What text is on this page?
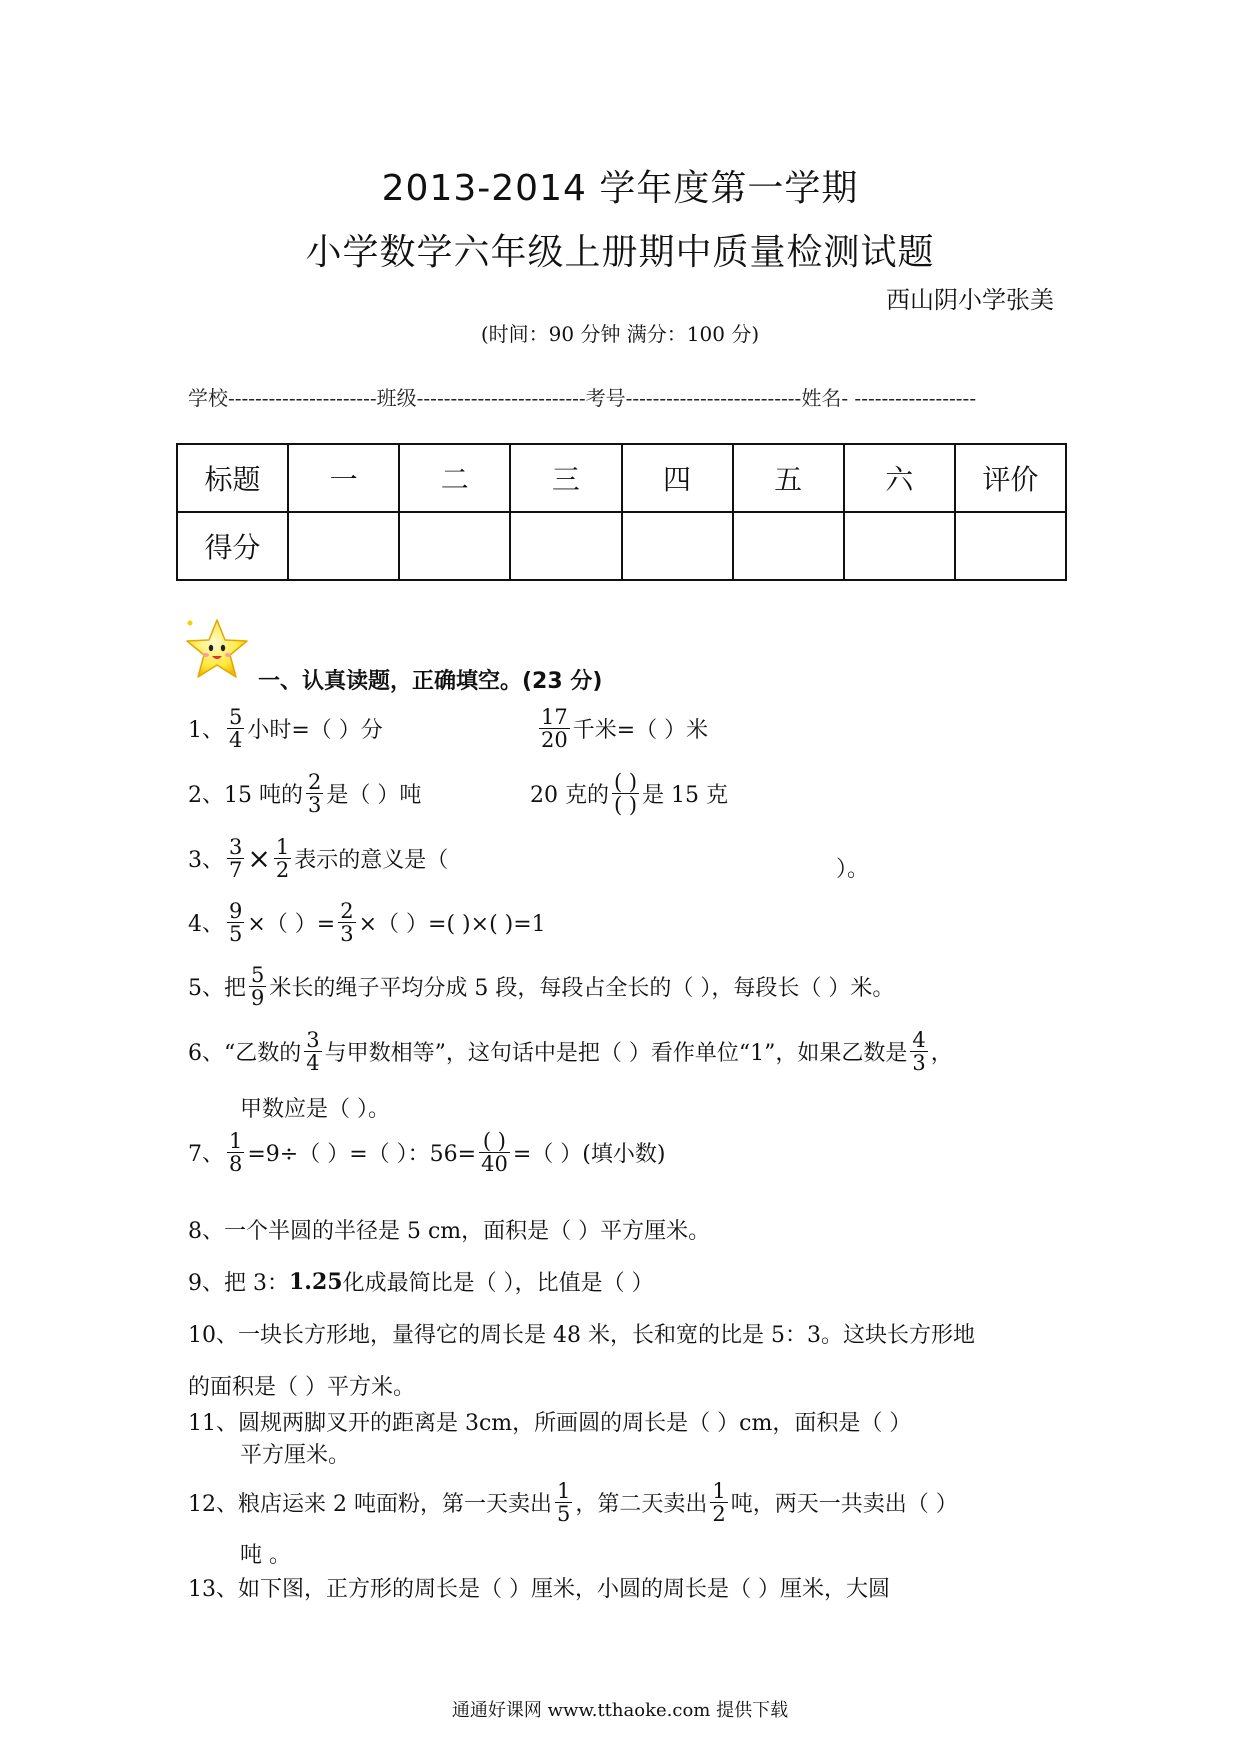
2013-2014 学年度第一学期
小学数学六年级上册期中质量检测试题
西山阴小学张美
(时间：90 分钟 满分：100 分)
学校----------------------班级-------------------------考号--------------------------姓名- ------------------
标题	一	二	三	四	五	六	评价
得分							
一、认真读题，正确填空。(23 分)
1、 $\frac{5}{4}$ 小时=（ ）分	$\frac{17}{20}$ 千米=（ ）米
2、 15 吨的 $\frac{2}{3}$ 是（ ）吨	20 克的 $\frac{( )}{( )}$ 是 15 克
3、 $\frac{3}{7} \times \frac{1}{2}$ 表示的意义是（	）。
4、 $\frac{9}{5}$ ×（ ）= $\frac{2}{3}$ ×（ ）=( )×( )=1
5、把 $\frac{5}{9}$ 米长的绳子平均分成 5 段，每段占全长的（ ），每段长（ ）米。
6、“乙数的 $\frac{3}{4}$ 与甲数相等”，这句话中是把（ ）看作单位“1”，如果乙数是 $\frac{4}{3}$ ，
甲数应是（ ）。
7、 $\frac{1}{8} =9\div$（ ）=（ ）：$56= \frac{( )}{40}$ =（ ）(填小数)
8、一个半圆的半径是 5 cm，面积是（ ）平方厘米。
9、把 3： 1.25 化成最简比是（ ），比值是（ ）
10、一块长方形地，量得它的周长是 48 米，长和宽的比是 5：3。这块长方形地
的面积是（ ）平方米。
11、圆规两脚叉开的距离是 3cm，所画圆的周长是（ ）cm，面积是（ ）
平方厘米。
12、粮店运来 2 吨面粉，第一天卖出 $\frac{1}{5}$ ，第二天卖出 $\frac{1}{2}$ 吨，两天一共卖出（ ）
吨 。
13、如下图，正方形的周长是（ ）厘米，小圆的周长是（ ）厘米，大圆
通通好课网 www.tthaoke.com 提供下载
